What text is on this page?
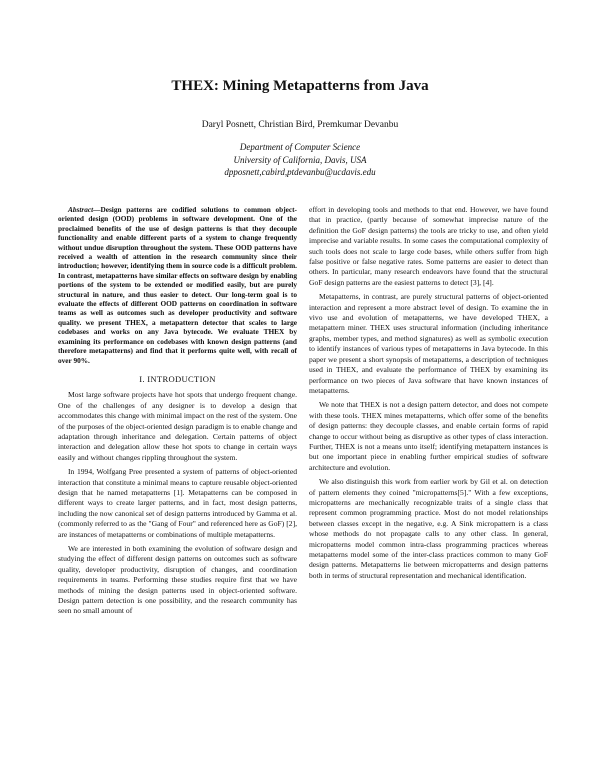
THEX: Mining Metapatterns from Java
Daryl Posnett, Christian Bird, Premkumar Devanbu
Department of Computer Science
University of California, Davis, USA
dpposnett,cabird,ptdevanbu@ucdavis.edu

Abstract—Design patterns are codified solutions to common object-oriented design (OOD) problems in software development. One of the proclaimed benefits of the use of design patterns is that they decouple functionality and enable different parts of a system to change frequently without undue disruption throughout the system. These OOD patterns have received a wealth of attention in the research community since their introduction; however, identifying them in source code is a difficult problem. In contrast, metapatterns have similar effects on software design by enabling portions of the system to be extended or modified easily, but are purely structural in nature, and thus easier to detect. Our long-term goal is to evaluate the effects of different OOD patterns on coordination in software teams as well as outcomes such as developer productivity and software quality. we present THEX, a metapattern detector that scales to large codebases and works on any Java bytecode. We evaluate THEX by examining its performance on codebases with known design patterns (and therefore metapatterns) and find that it performs quite well, with recall of over 90%.

I. INTRODUCTION

Most large software projects have hot spots that undergo frequent change. One of the challenges of any designer is to develop a design that accommodates this change with minimal impact on the rest of the system. One of the purposes of the object-oriented design paradigm is to enable change and adaptation through inheritance and delegation. Certain patterns of object interaction and delegation allow these hot spots to change in certain ways easily and without changes rippling throughout the system.

In 1994, Wolfgang Pree presented a system of patterns of object-oriented interaction that constitute a minimal means to capture reusable object-oriented design that he named metapatterns [1]. Metapatterns can be composed in different ways to create larger patterns, and in fact, most design patterns, including the now canonical set of design patterns introduced by Gamma et al. (commonly referred to as the "Gang of Four" and referenced here as GoF) [2], are instances of metapatterns or combinations of multiple metapatterns.

We are interested in both examining the evolution of software design and studying the effect of different design patterns on outcomes such as software quality, developer productivity, disruption of changes, and coordination requirements in teams. Performing these studies require first that we have methods of mining the design patterns used in object-oriented software. Design pattern detection is one possibility, and the research community has seen no small amount of

effort in developing tools and methods to that end. However, we have found that in practice, (partly because of somewhat imprecise nature of the definition the GoF design patterns) the tools are tricky to use, and often yield imprecise and variable results. In some cases the computational complexity of such tools does not scale to large code bases, while others suffer from high false positive or false negative rates. Some patterns are easier to detect than others. In particular, many research endeavors have found that the structural GoF design patterns are the easiest patterns to detect [3], [4].

Metapatterns, in contrast, are purely structural patterns of object-oriented interaction and represent a more abstract level of design. To examine the in vivo use and evolution of metapatterns, we have developed THEX, a metapattern miner. THEX uses structural information (including inheritance graphs, member types, and method signatures) as well as symbolic execution to identify instances of various types of metapatterns in Java bytecode. In this paper we present a short synopsis of metapatterns, a description of techniques used in THEX, and evaluate the performance of THEX by examining its performance on two pieces of Java software that have known instances of metapatterns.

We note that THEX is not a design pattern detector, and does not compete with these tools. THEX mines metapatterns, which offer some of the benefits of design patterns: they decouple classes, and enable certain forms of rapid change to occur without being as disruptive as other types of class interaction. Further, THEX is not a means unto itself; identifying metapattern instances is but one important piece in enabling further empirical studies of software architecture and evolution.

We also distinguish this work from earlier work by Gil et al. on detection of pattern elements they coined "micropatterns[5]." With a few exceptions, micropatterns are mechanically recognizable traits of a single class that represent common programming practice. Most do not model relationships between classes except in the negative, e.g. A Sink micropattern is a class whose methods do not propagate calls to any other class. In general, micropatterns model common intra-class programming practices whereas metapatterns model some of the inter-class practices common to many GoF design patterns. Metapatterns lie between micropatterns and design patterns both in terms of structural representation and mechanical identification.
